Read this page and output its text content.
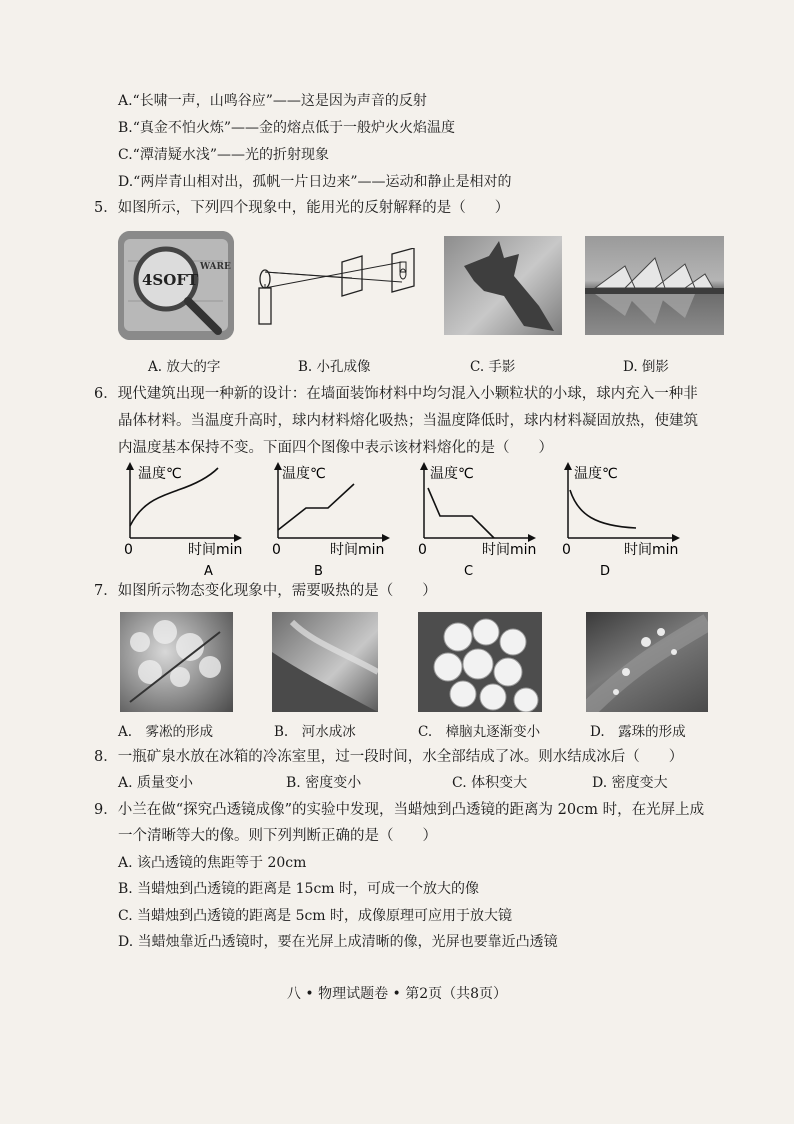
A.“长啸一声，山鸣谷应”——这是因为声音的反射
B.“真金不怕火炼”——金的熔点低于一般炉火火焰温度
C.“潭清疑水浅”——光的折射现象
D.“两岸青山相对出，孤帆一片日边来”——运动和静止是相对的
5．如图所示，下列四个现象中，能用光的反射解释的是（　　）
4SOFT
WARE
A. 放大的字	B. 小孔成像	C. 手影	D. 倒影
6．现代建筑出现一种新的设计：在墙面装饰材料中均匀混入小颗粒状的小球，球内充入一种非
晶体材料。当温度升高时，球内材料熔化吸热；当温度降低时，球内材料凝固放热，使建筑
内温度基本保持不变。下面四个图像中表示该材料熔化的是（　　）
温度℃
0	时间min
A
温度℃
0	时间min
B
温度℃
0	时间min
C
温度℃
0	时间min
D
7．如图所示物态变化现象中，需要吸热的是（　　）
A.　雾凇的形成	B.　河水成冰	C.　樟脑丸逐渐变小	D.　露珠的形成
8．一瓶矿泉水放在冰箱的冷冻室里，过一段时间，水全部结成了冰。则水结成冰后（　　）
A. 质量变小	B. 密度变小	C. 体积变大	D. 密度变大
9．小兰在做“探究凸透镜成像”的实验中发现，当蜡烛到凸透镜的距离为 20cm 时，在光屏上成
一个清晰等大的像。则下列判断正确的是（　　）
A. 该凸透镜的焦距等于 20cm
B. 当蜡烛到凸透镜的距离是 15cm 时，可成一个放大的像
C. 当蜡烛到凸透镜的距离是 5cm 时，成像原理可应用于放大镜
D. 当蜡烛靠近凸透镜时，要在光屏上成清晰的像，光屏也要靠近凸透镜
八 • 物理试题卷 • 第2页（共8页）
